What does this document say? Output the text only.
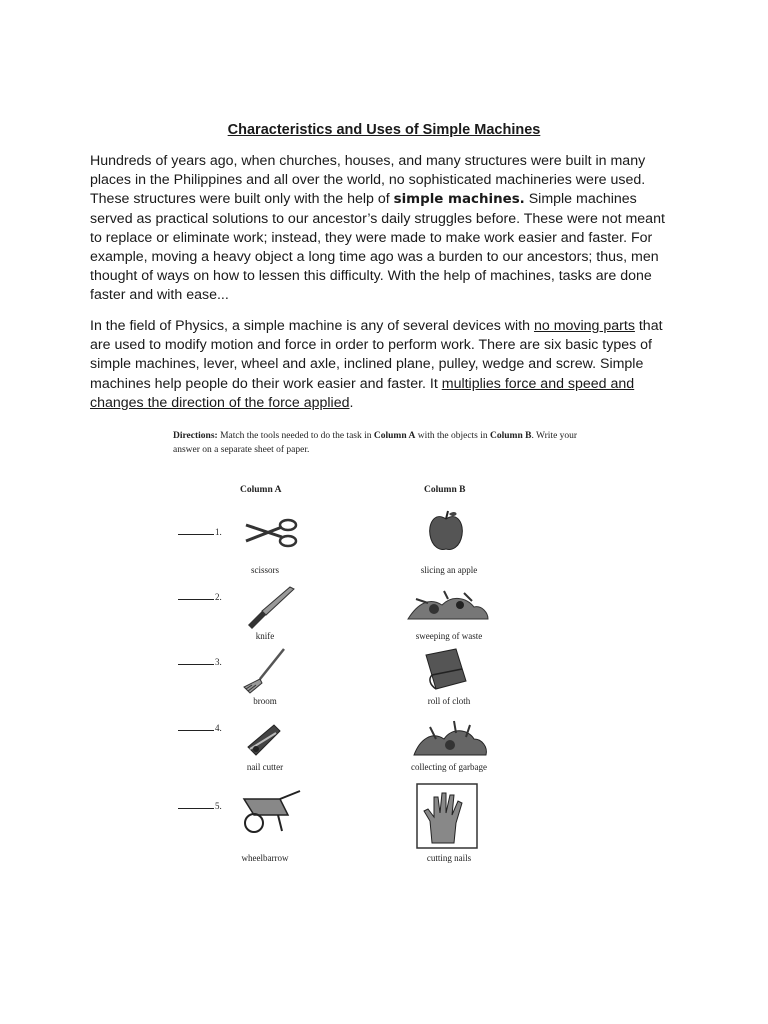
Characteristics and Uses of Simple Machines

Hundreds of years ago, when churches, houses, and many structures were built in many places in the Philippines and all over the world, no sophisticated machineries were used. These structures were built only with the help of simple machines. Simple machines served as practical solutions to our ancestor’s daily struggles before. These were not meant to replace or eliminate work; instead, they were made to make work easier and faster. For example, moving a heavy object a long time ago was a burden to our ancestors; thus, men thought of ways on how to lessen this difficulty. With the help of machines, tasks are done faster and with ease...

In the field of Physics, a simple machine is any of several devices with no moving parts that are used to modify motion and force in order to perform work. There are six basic types of simple machines, lever, wheel and axle, inclined plane, pulley, wedge and screw. Simple machines help people do their work easier and faster. It multiplies force and speed and changes the direction of the force applied.

Directions: Match the tools needed to do the task in Column A with the objects in Column B. Write your answer on a separate sheet of paper.
Column A	Column B
1.
scissors	slicing an apple
2.
knife	sweeping of waste
3.
broom	roll of cloth
4.
nail cutter	collecting of garbage
5.
wheelbarrow	cutting nails
